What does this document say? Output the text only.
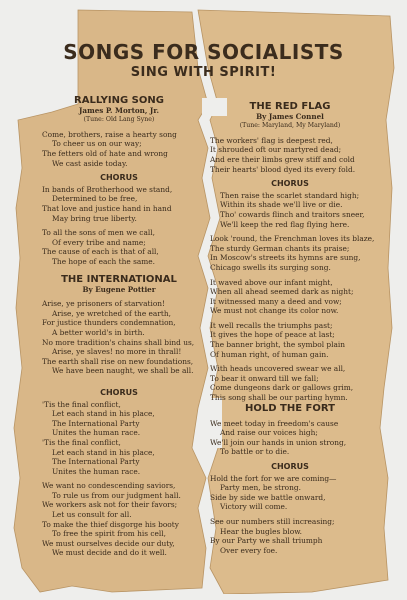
SONGS FOR SOCIALISTS
SING WITH SPIRIT!
RALLYING SONG
James P. Morton, Jr.
(Tune: Old Lang Syne)
Come, brothers, raise a hearty song
To cheer us on our way;
The fetters old of hate and wrong
We cast aside today.
CHORUS
In bands of Brotherhood we stand,
Determined to be free,
That love and justice hand in hand
May bring true liberty.
To all the sons of men we call,
Of every tribe and name;
The cause of each is that of all,
The hope of each the same.
THE INTERNATIONAL
By Eugene Pottier
Arise, ye prisoners of starvation!
Arise, ye wretched of the earth,
For justice thunders condemnation,
A better world's in birth.
No more tradition's chains shall bind us,
Arise, ye slaves! no more in thrall!
The earth shall rise on new foundations,
We have been naught, we shall be all.
CHORUS
'Tis the final conflict,
Let each stand in his place,
The International Party
Unites the human race.
'Tis the final conflict,
Let each stand in his place,
The International Party
Unites the human race.
We want no condescending saviors,
To rule us from our judgment hall.
We workers ask not for their favors;
Let us consult for all.
To make the thief disgorge his booty
To free the spirit from his cell,
We must ourselves decide our duty,
We must decide and do it well.
THE RED FLAG
By James Connel
(Tune: Maryland, My Maryland)
The workers' flag is deepest red,
It shrouded oft our martyred dead;
And ere their limbs grew stiff and cold
Their hearts' blood dyed its every fold.
CHORUS
Then raise the scarlet standard high;
Within its shade we'll live or die.
Tho' cowards flinch and traitors sneer,
We'll keep the red flag flying here.
Look 'round, the Frenchman loves its blaze,
The sturdy German chants its praise;
In Moscow's streets its hymns are sung,
Chicago swells its surging song.
It waved above our infant might,
When all ahead seemed dark as night;
It witnessed many a deed and vow;
We must not change its color now.
It well recalls the triumphs past;
It gives the hope of peace at last;
The banner bright, the symbol plain
Of human right, of human gain.
With heads uncovered swear we all,
To bear it onward till we fall;
Come dungeons dark or gallows grim,
This song shall be our parting hymn.
HOLD THE FORT
We meet today in freedom's cause
And raise our voices high;
We'll join our hands in union strong,
To battle or to die.
CHORUS
Hold the fort for we are coming—
Party men, be strong.
Side by side we battle onward,
Victory will come.
See our numbers still increasing;
Hear the bugles blow.
By our Party we shall triumph
Over every foe.
